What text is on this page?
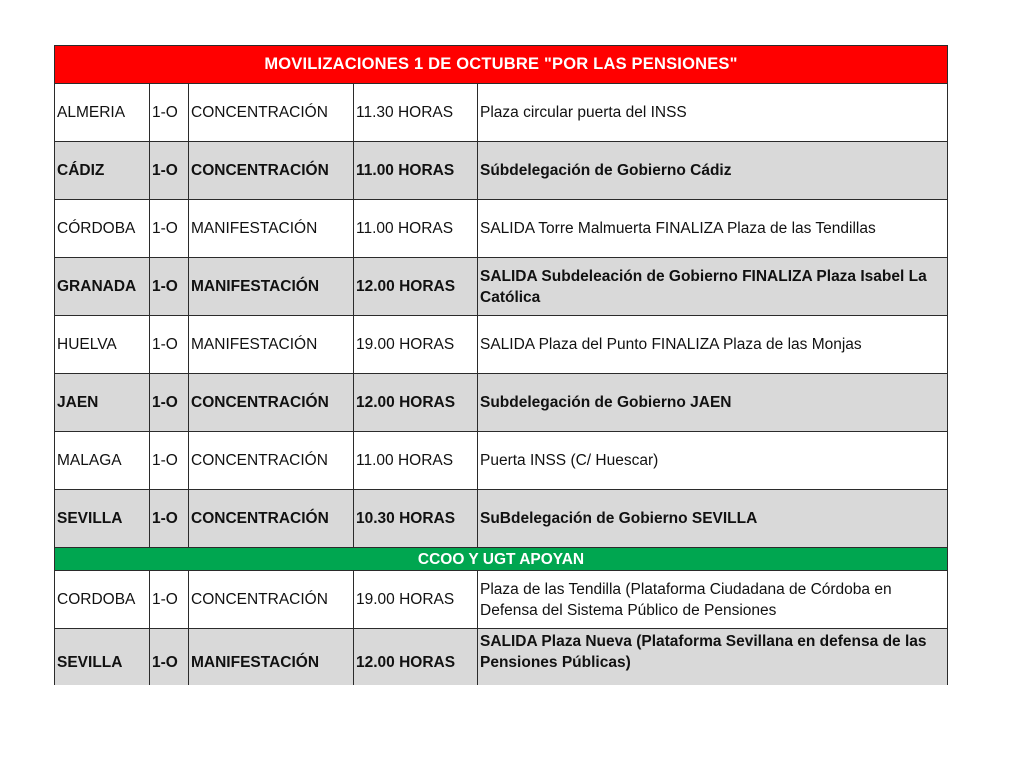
MOVILIZACIONES 1 DE OCTUBRE "POR LAS PENSIONES"				
ALMERIA	1-O	CONCENTRACIÓN	11.30 HORAS	Plaza circular puerta del INSS
CÁDIZ	1-O	CONCENTRACIÓN	11.00 HORAS	Súbdelegación de Gobierno Cádiz
CÓRDOBA	1-O	MANIFESTACIÓN	11.00 HORAS	SALIDA Torre Malmuerta FINALIZA Plaza de las Tendillas
GRANADA	1-O	MANIFESTACIÓN	12.00 HORAS	SALIDA Subdeleación de Gobierno FINALIZA Plaza Isabel La Católica
HUELVA	1-O	MANIFESTACIÓN	19.00 HORAS	SALIDA Plaza del Punto FINALIZA Plaza de las Monjas
JAEN	1-O	CONCENTRACIÓN	12.00 HORAS	Subdelegación de Gobierno JAEN
MALAGA	1-O	CONCENTRACIÓN	11.00 HORAS	Puerta INSS (C/ Huescar)
SEVILLA	1-O	CONCENTRACIÓN	10.30 HORAS	SuBdelegación de Gobierno SEVILLA
CCOO Y UGT APOYAN				
CORDOBA	1-O	CONCENTRACIÓN	19.00 HORAS	Plaza de las Tendilla (Plataforma Ciudadana de Córdoba en Defensa del Sistema Público de Pensiones
SEVILLA	1-O	MANIFESTACIÓN	12.00 HORAS	SALIDA Plaza Nueva (Plataforma Sevillana en defensa de las Pensiones Públicas)
